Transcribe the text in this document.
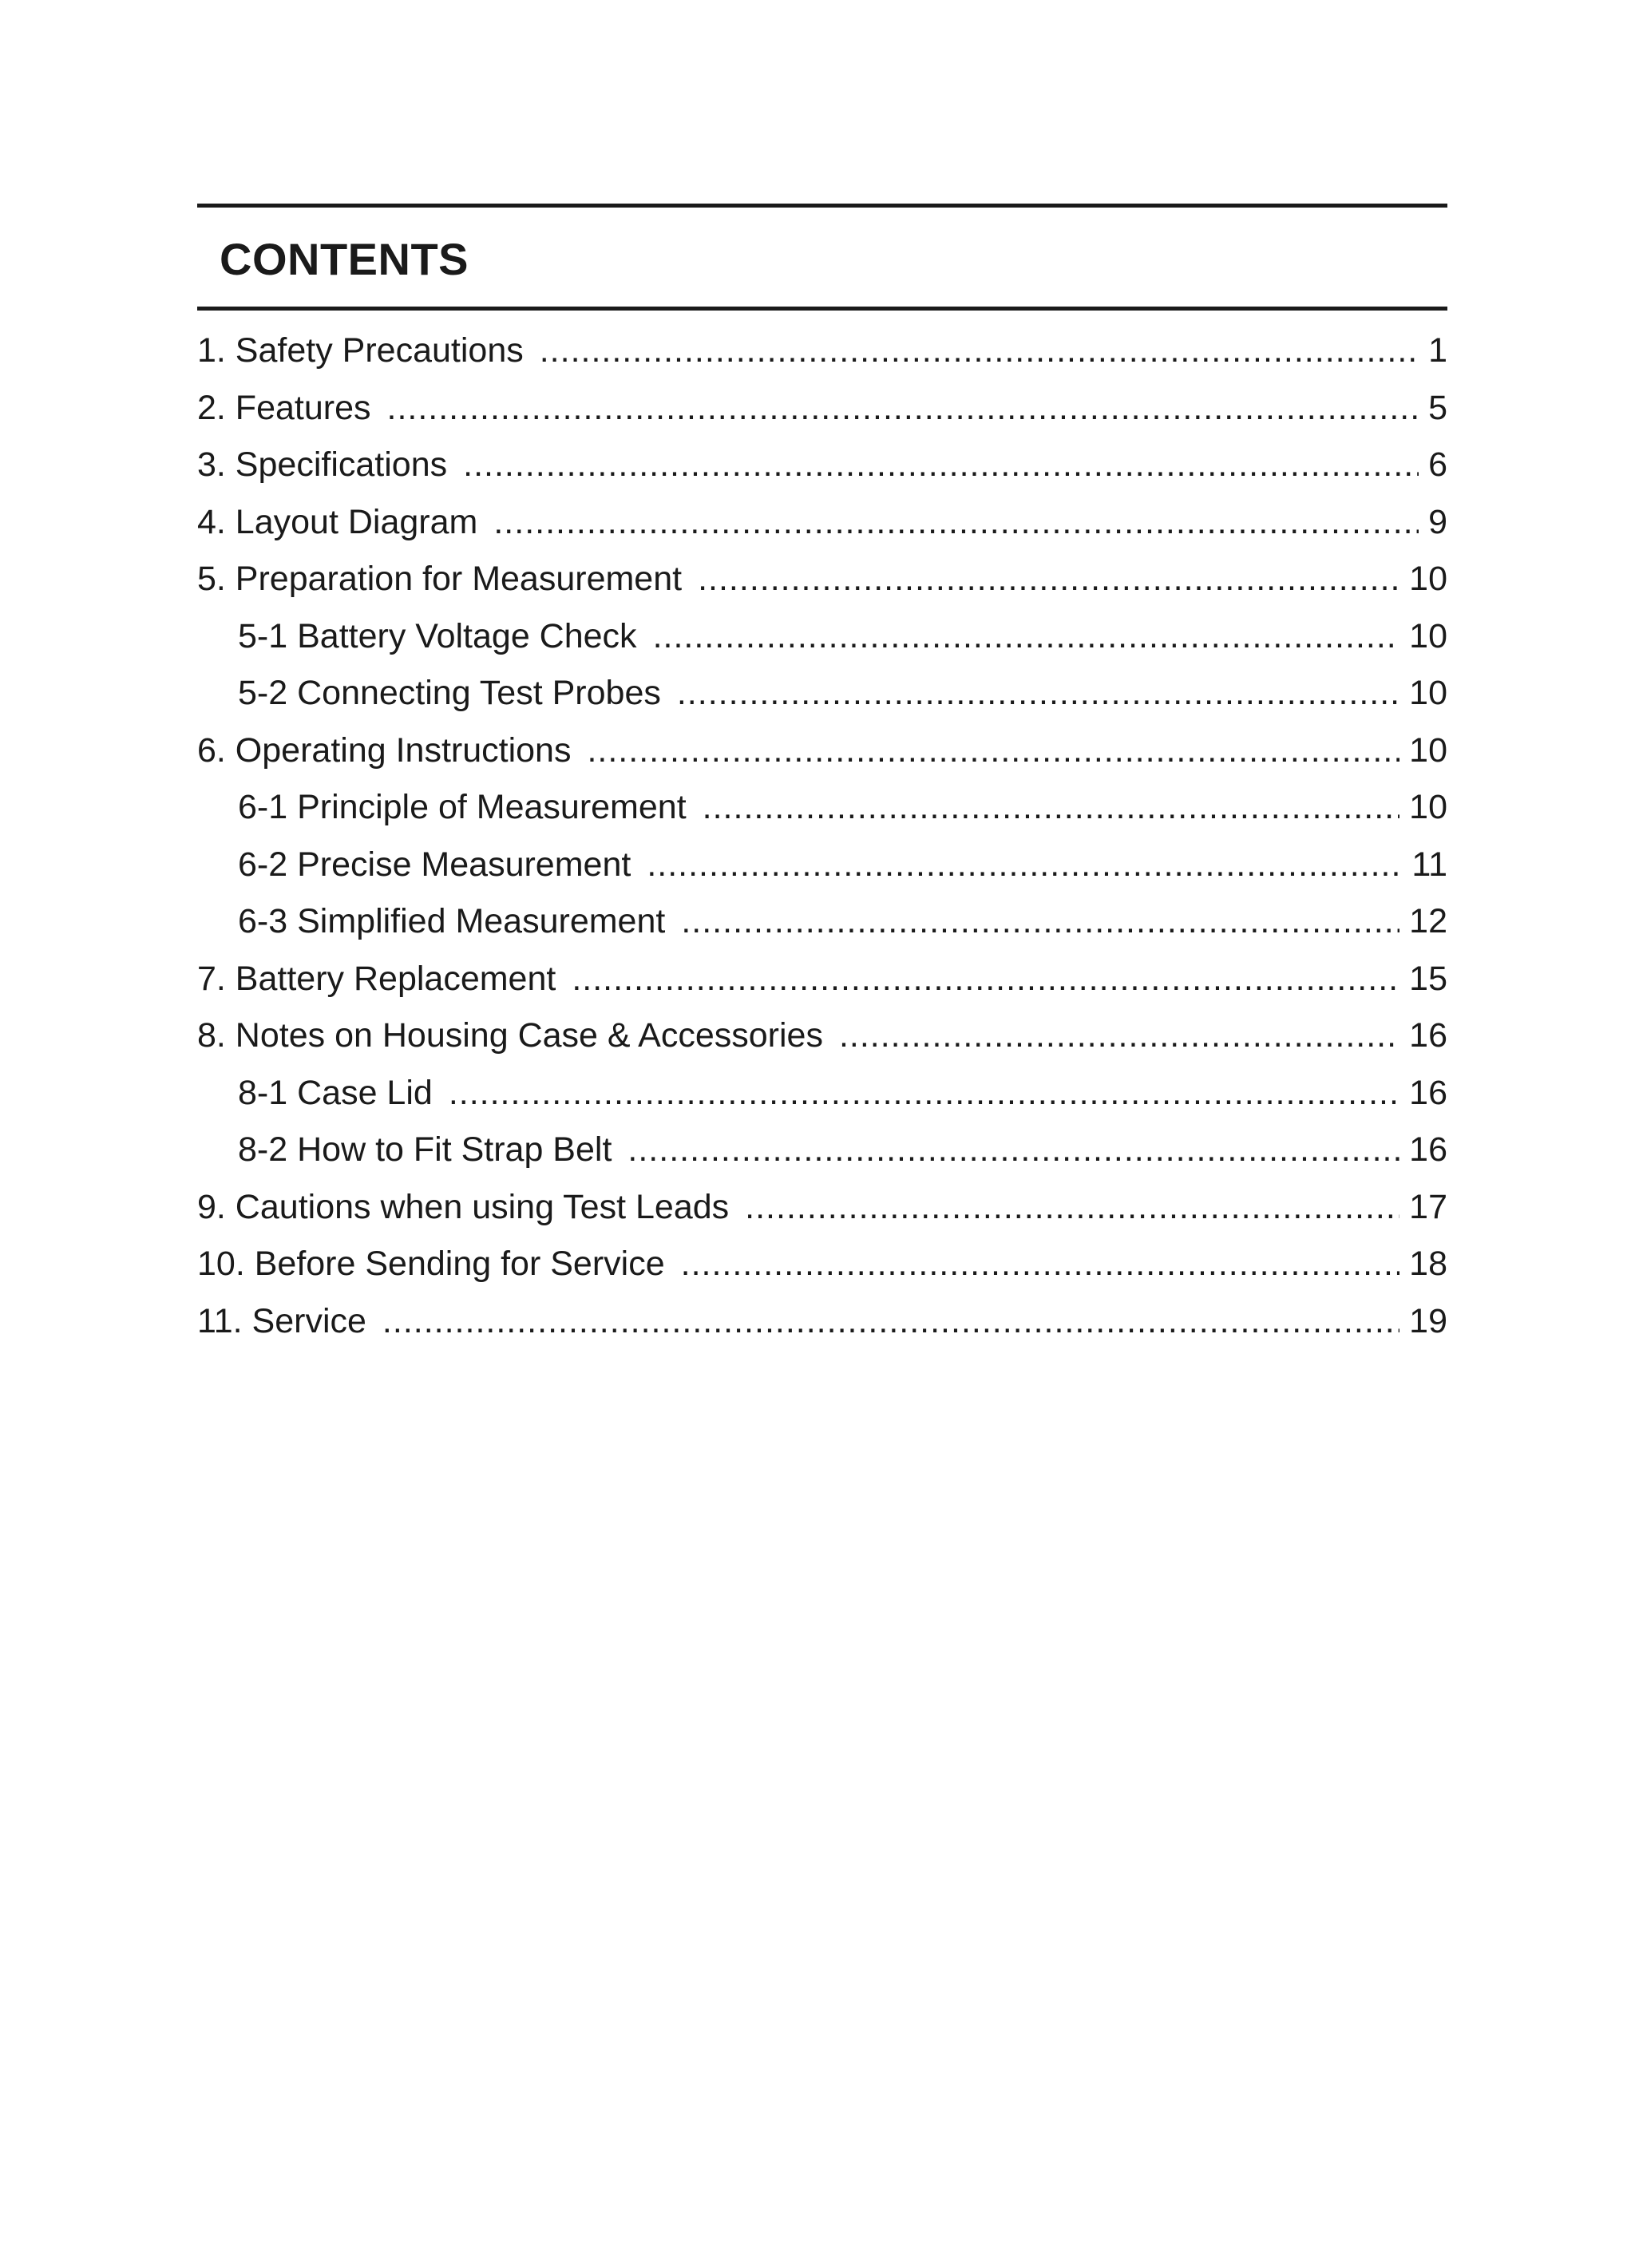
CONTENTS
1. Safety Precautions .....	1
2. Features .....	5
3. Specifications .....	6
4. Layout Diagram .....	9
5. Preparation for Measurement .....	10
5-1 Battery Voltage Check .....	10
5-2 Connecting Test Probes .....	10
6. Operating Instructions .....	10
6-1 Principle of Measurement .....	10
6-2 Precise Measurement .....	11
6-3 Simplified Measurement .....	12
7. Battery Replacement .....	15
8. Notes on Housing Case & Accessories .....	16
8-1 Case Lid .....	16
8-2 How to Fit Strap Belt .....	16
9. Cautions when using Test Leads .....	17
10. Before Sending for Service .....	18
11. Service .....	19
